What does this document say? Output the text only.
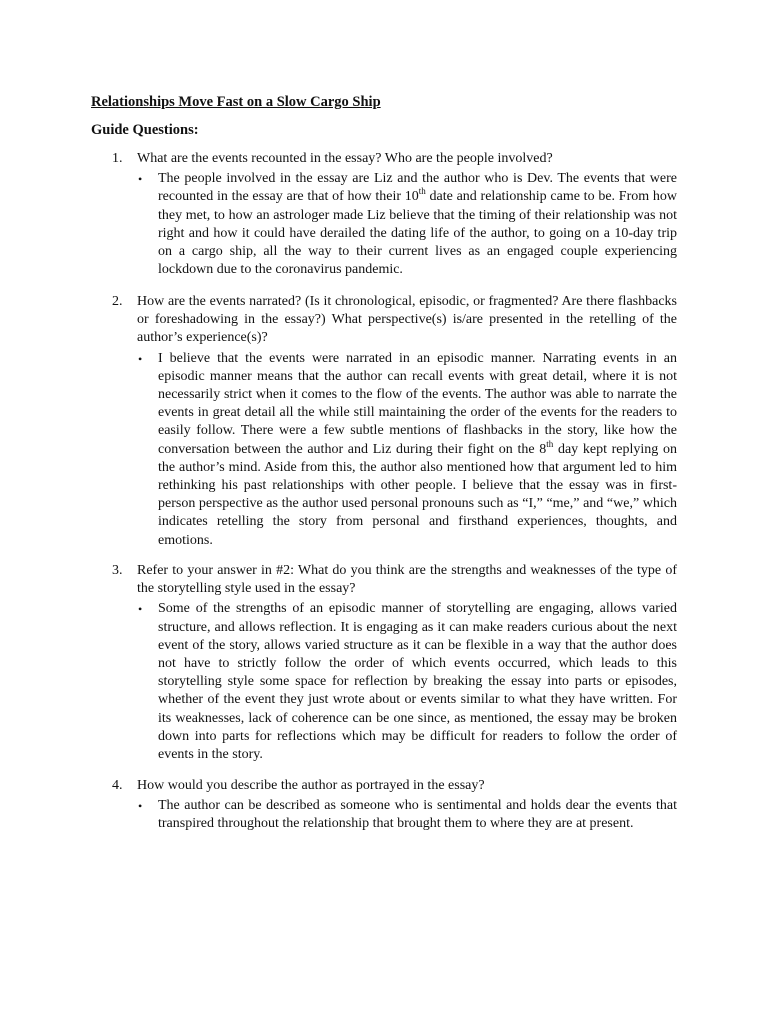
Relationships Move Fast on a Slow Cargo Ship
Guide Questions:
1. What are the events recounted in the essay? Who are the people involved?
• The people involved in the essay are Liz and the author who is Dev. The events that were recounted in the essay are that of how their 10th date and relationship came to be. From how they met, to how an astrologer made Liz believe that the timing of their relationship was not right and how it could have derailed the dating life of the author, to going on a 10-day trip on a cargo ship, all the way to their current lives as an engaged couple experiencing lockdown due to the coronavirus pandemic.
2. How are the events narrated? (Is it chronological, episodic, or fragmented? Are there flashbacks or foreshadowing in the essay?) What perspective(s) is/are presented in the retelling of the author’s experience(s)?
• I believe that the events were narrated in an episodic manner. Narrating events in an episodic manner means that the author can recall events with great detail, where it is not necessarily strict when it comes to the flow of the events. The author was able to narrate the events in great detail all the while still maintaining the order of the events for the readers to easily follow. There were a few subtle mentions of flashbacks in the story, like how the conversation between the author and Liz during their fight on the 8th day kept replying on the author’s mind. Aside from this, the author also mentioned how that argument led to him rethinking his past relationships with other people. I believe that the essay was in first-person perspective as the author used personal pronouns such as “I,” “me,” and “we,” which indicates retelling the story from personal and firsthand experiences, thoughts, and emotions.
3. Refer to your answer in #2: What do you think are the strengths and weaknesses of the type of the storytelling style used in the essay?
• Some of the strengths of an episodic manner of storytelling are engaging, allows varied structure, and allows reflection. It is engaging as it can make readers curious about the next event of the story, allows varied structure as it can be flexible in a way that the author does not have to strictly follow the order of which events occurred, which leads to this storytelling style some space for reflection by breaking the essay into parts or episodes, whether of the event they just wrote about or events similar to what they have written. For its weaknesses, lack of coherence can be one since, as mentioned, the essay may be broken down into parts for reflections which may be difficult for readers to follow the order of events in the story.
4. How would you describe the author as portrayed in the essay?
• The author can be described as someone who is sentimental and holds dear the events that transpired throughout the relationship that brought them to where they are at present.
